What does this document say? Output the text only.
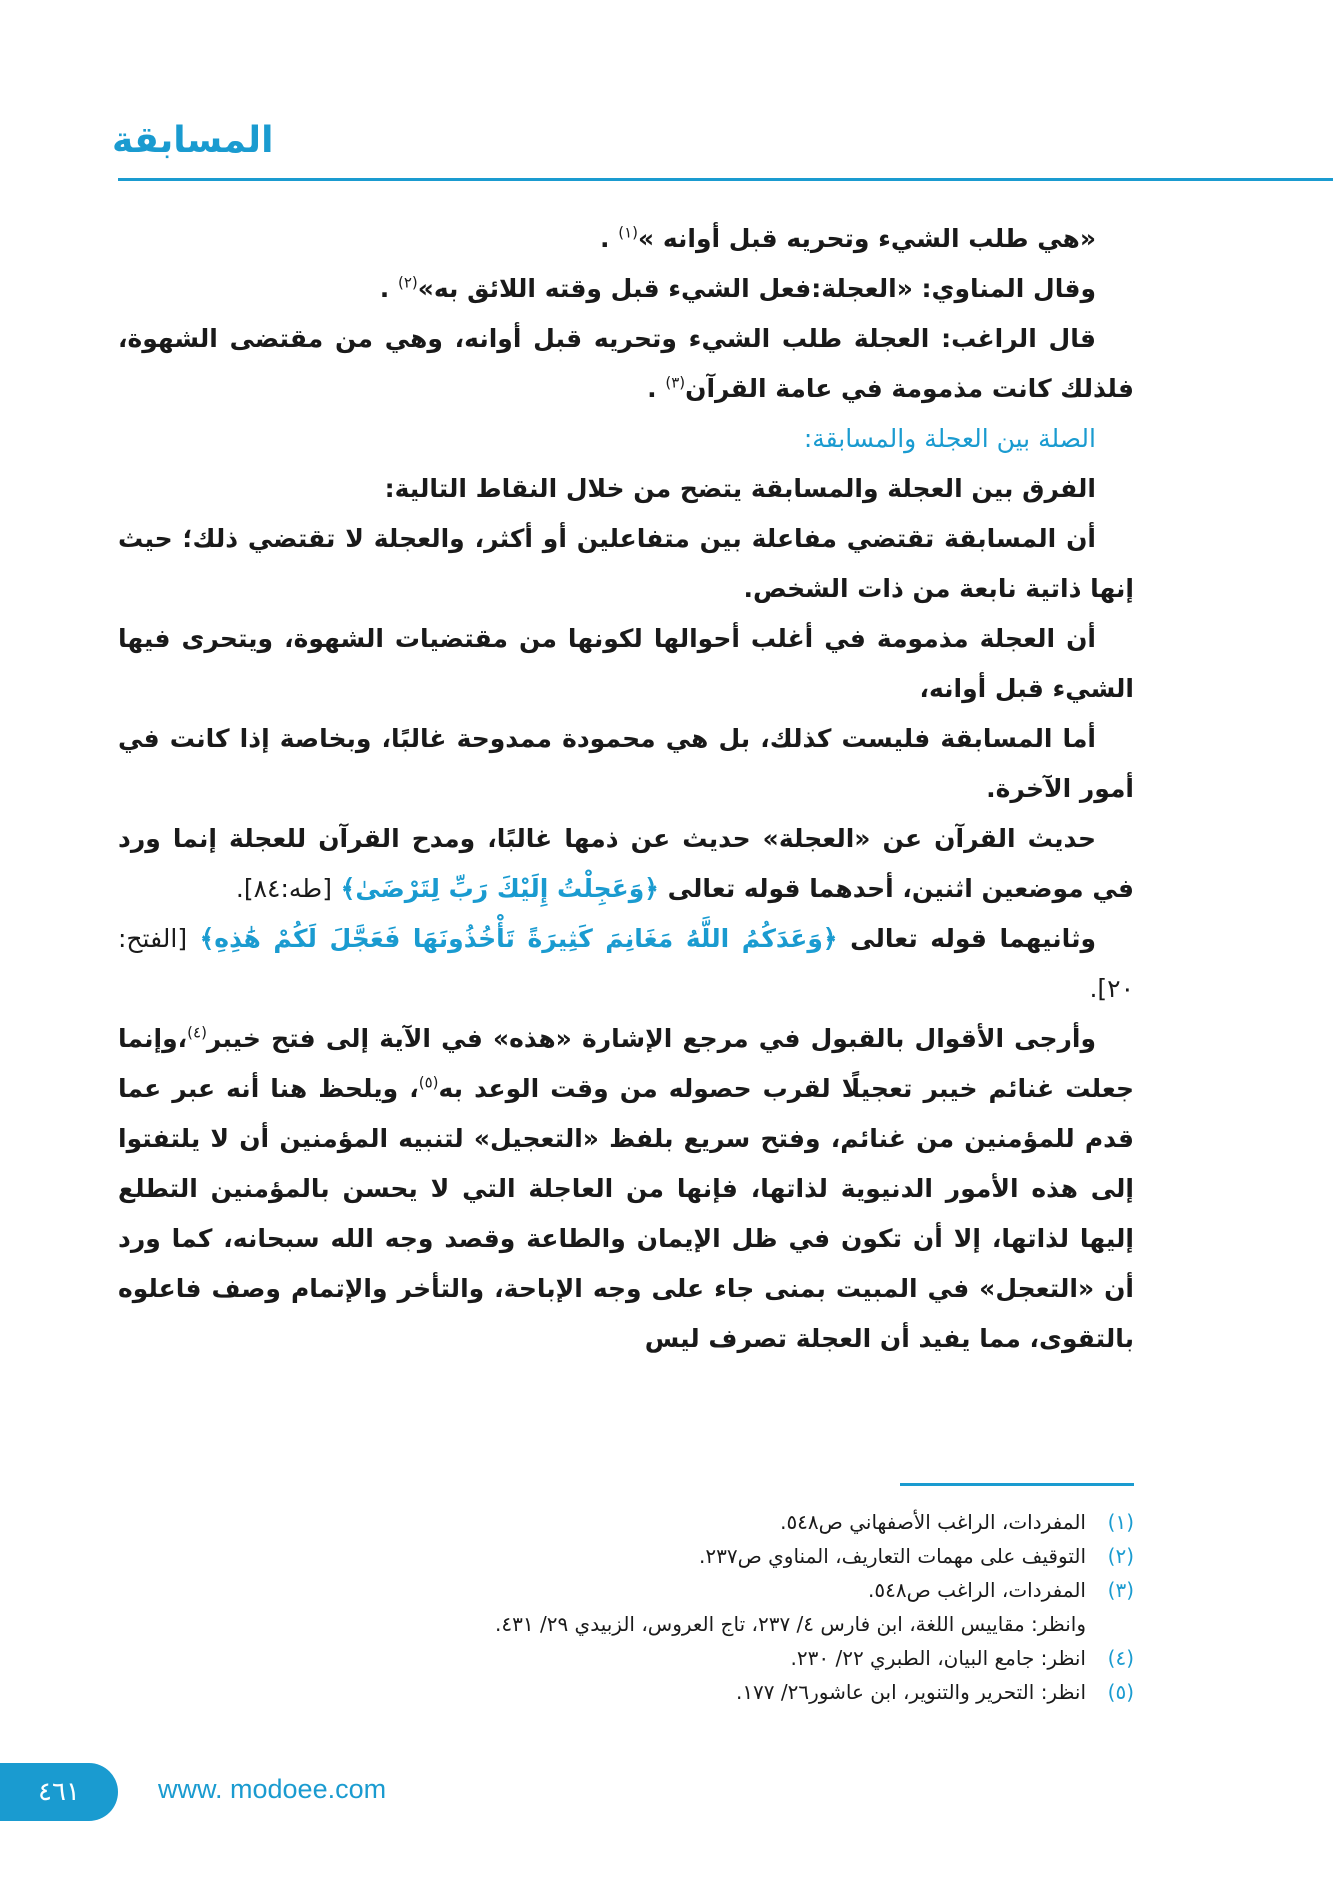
المسابقة

«هي طلب الشيء وتحريه قبل أوانه »$^{(١)}$ .

وقال المناوي: «العجلة:فعل الشيء قبل وقته اللائق به»$^{(٢)}$ .

قال الراغب: العجلة طلب الشيء وتحريه قبل أوانه، وهي من مقتضى الشهوة، فلذلك كانت مذمومة في عامة القرآن$^{(٣)}$ .

الصلة بين العجلة والمسابقة:

الفرق بين العجلة والمسابقة يتضح من خلال النقاط التالية:

أن المسابقة تقتضي مفاعلة بين متفاعلين أو أكثر، والعجلة لا تقتضي ذلك؛ حيث إنها ذاتية نابعة من ذات الشخص.

أن العجلة مذمومة في أغلب أحوالها لكونها من مقتضيات الشهوة، ويتحرى فيها الشيء قبل أوانه،

أما المسابقة فليست كذلك، بل هي محمودة ممدوحة غالبًا، وبخاصة إذا كانت في أمور الآخرة.

حديث القرآن عن «العجلة» حديث عن ذمها غالبًا، ومدح القرآن للعجلة إنما ورد في موضعين اثنين، أحدهما قوله تعالى ﴿وَعَجِلْتُ إِلَيْكَ رَبِّ لِتَرْضَىٰ﴾ [طه:٨٤].

وثانيهما قوله تعالى ﴿وَعَدَكُمُ اللَّهُ مَغَانِمَ كَثِيرَةً تَأْخُذُونَهَا فَعَجَّلَ لَكُمْ هَٰذِهِ﴾ [الفتح: ٢٠].

وأرجى الأقوال بالقبول في مرجع الإشارة «هذه» في الآية إلى فتح خيبر$^{(٤)}$،وإنما جعلت غنائم خيبر تعجيلًا لقرب حصوله من وقت الوعد به$^{(٥)}$، ويلحظ هنا أنه عبر عما قدم للمؤمنين من غنائم، وفتح سريع بلفظ «التعجيل» لتنبيه المؤمنين أن لا يلتفتوا إلى هذه الأمور الدنيوية لذاتها، فإنها من العاجلة التي لا يحسن بالمؤمنين التطلع إليها لذاتها، إلا أن تكون في ظل الإيمان والطاعة وقصد وجه الله سبحانه، كما ورد أن «التعجل» في المبيت بمنى جاء على وجه الإباحة، والتأخر والإتمام وصف فاعلوه بالتقوى، مما يفيد أن العجلة تصرف ليس

(١)المفردات، الراغب الأصفهاني ص٥٤٨.

(٢)التوقيف على مهمات التعاريف، المناوي ص٢٣٧.

(٣)المفردات، الراغب ص٥٤٨.

وانظر: مقاييس اللغة، ابن فارس ٤/ ٢٣٧، تاج العروس، الزبيدي ٢٩/ ٤٣١.

(٤)انظر: جامع البيان، الطبري ٢٢/ ٢٣٠.

(٥)انظر: التحرير والتنوير، ابن عاشور٢٦/ ١٧٧.

٤٦١	www. modoee.com
